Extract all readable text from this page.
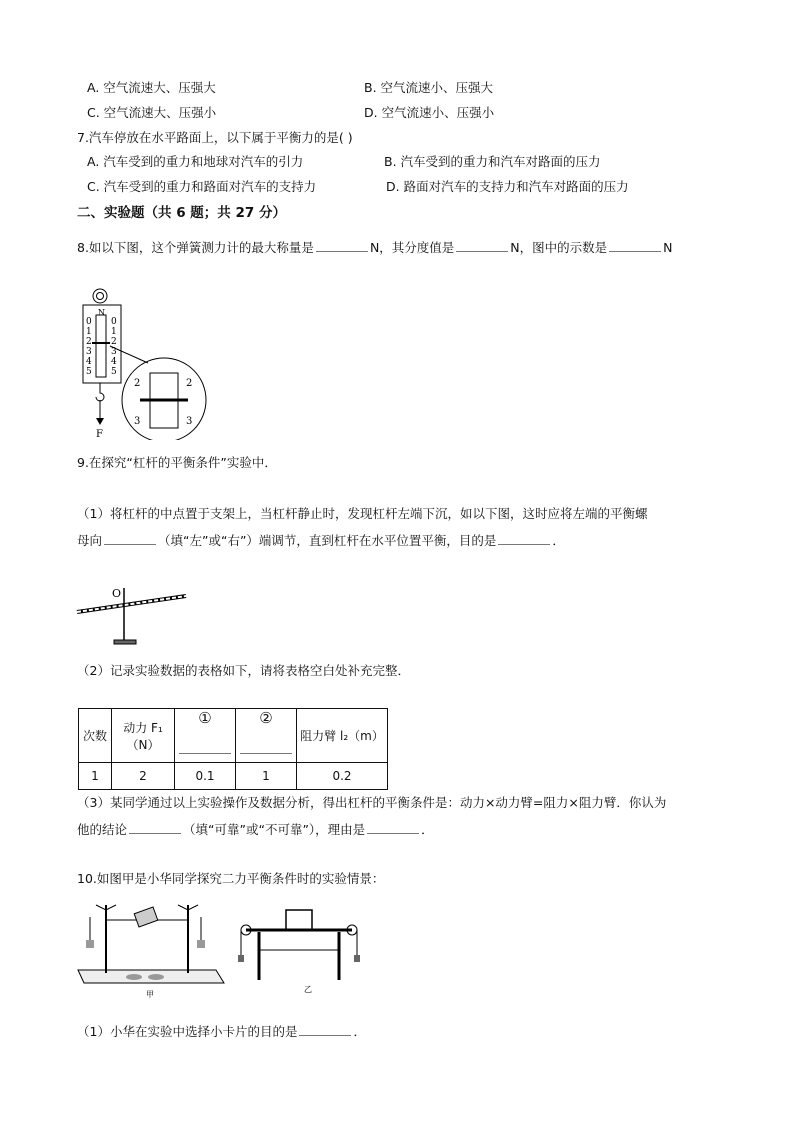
A. 空气流速大、压强大	B. 空气流速小、压强大
C. 空气流速大、压强小	D. 空气流速小、压强小
7.汽车停放在水平路面上，以下属于平衡力的是( )
A. 汽车受到的重力和地球对汽车的引力	B. 汽车受到的重力和汽车对路面的压力
C. 汽车受到的重力和路面对汽车的支持力	D. 路面对汽车的支持力和汽车对路面的压力
二、实验题（共 6 题；共 27 分）
8.如以下图，这个弹簧测力计的最大称量是	N，其分度值是	N，图中的示数是	N
N
0
1
2
3
4
5
0
1
2
3
4
5
F
2	2
3	3
9.在探究“杠杆的平衡条件”实验中．
（1）将杠杆的中点置于支架上，当杠杆静止时，发现杠杆左端下沉，如以下图，这时应将左端的平衡螺
母向	（填“左”或“右”）端调节，直到杠杆在水平位置平衡，目的是	．
O
（2）记录实验数据的表格如下，请将表格空白处补充完整．
次数	动力 F₁（N）	①	②	阻力臂 l₂（m）
1	2	0.1	1	0.2
（3）某同学通过以上实验操作及数据分析，得出杠杆的平衡条件是：动力×动力臂=阻力×阻力臂．你认为
他的结论	（填“可靠”或“不可靠”），理由是	．
10.如图甲是小华同学探究二力平衡条件时的实验情景：
甲
乙
（1）小华在实验中选择小卡片的目的是	．
